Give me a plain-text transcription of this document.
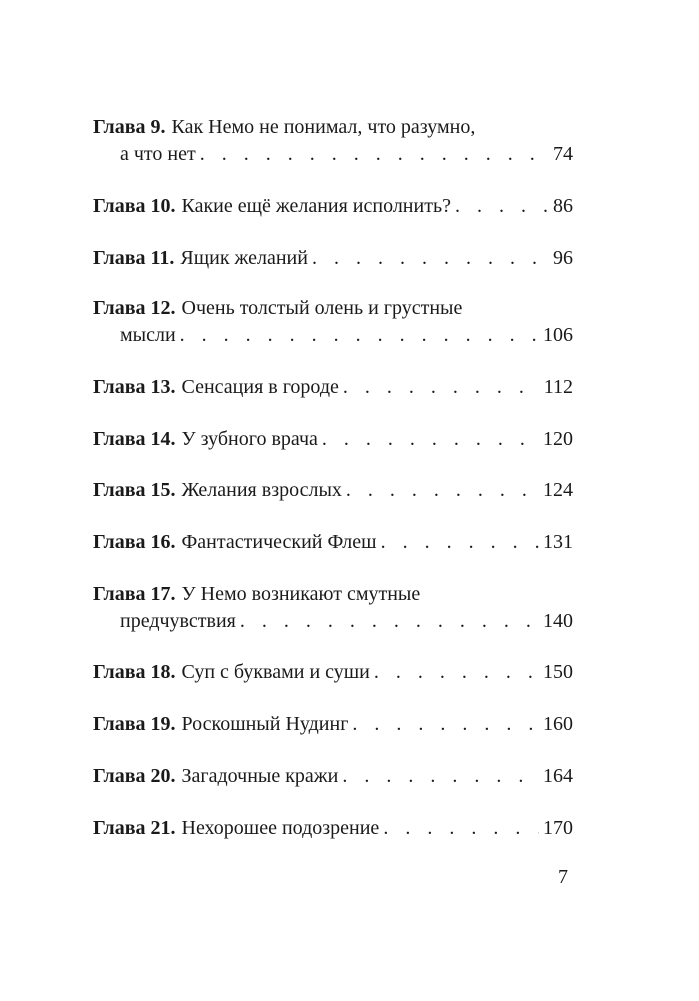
Глава 9. Как Немо не понимал, что разумно,
а что нет . . .	74
Глава 10. Какие ещё желания исполнить? . . .	86
Глава 11. Ящик желаний . . .	96
Глава 12. Очень толстый олень и грустные
мысли . . .	106
Глава 13. Сенсация в городе . . .	112
Глава 14. У зубного врача . . .	120
Глава 15. Желания взрослых . . .	124
Глава 16. Фантастический Флеш . . .	131
Глава 17. У Немо возникают смутные
предчувствия . . .	140
Глава 18. Суп с буквами и суши . . .	150
Глава 19. Роскошный Нудинг . . .	160
Глава 20. Загадочные кражи . . .	164
Глава 21. Нехорошее подозрение . . .	170
7
